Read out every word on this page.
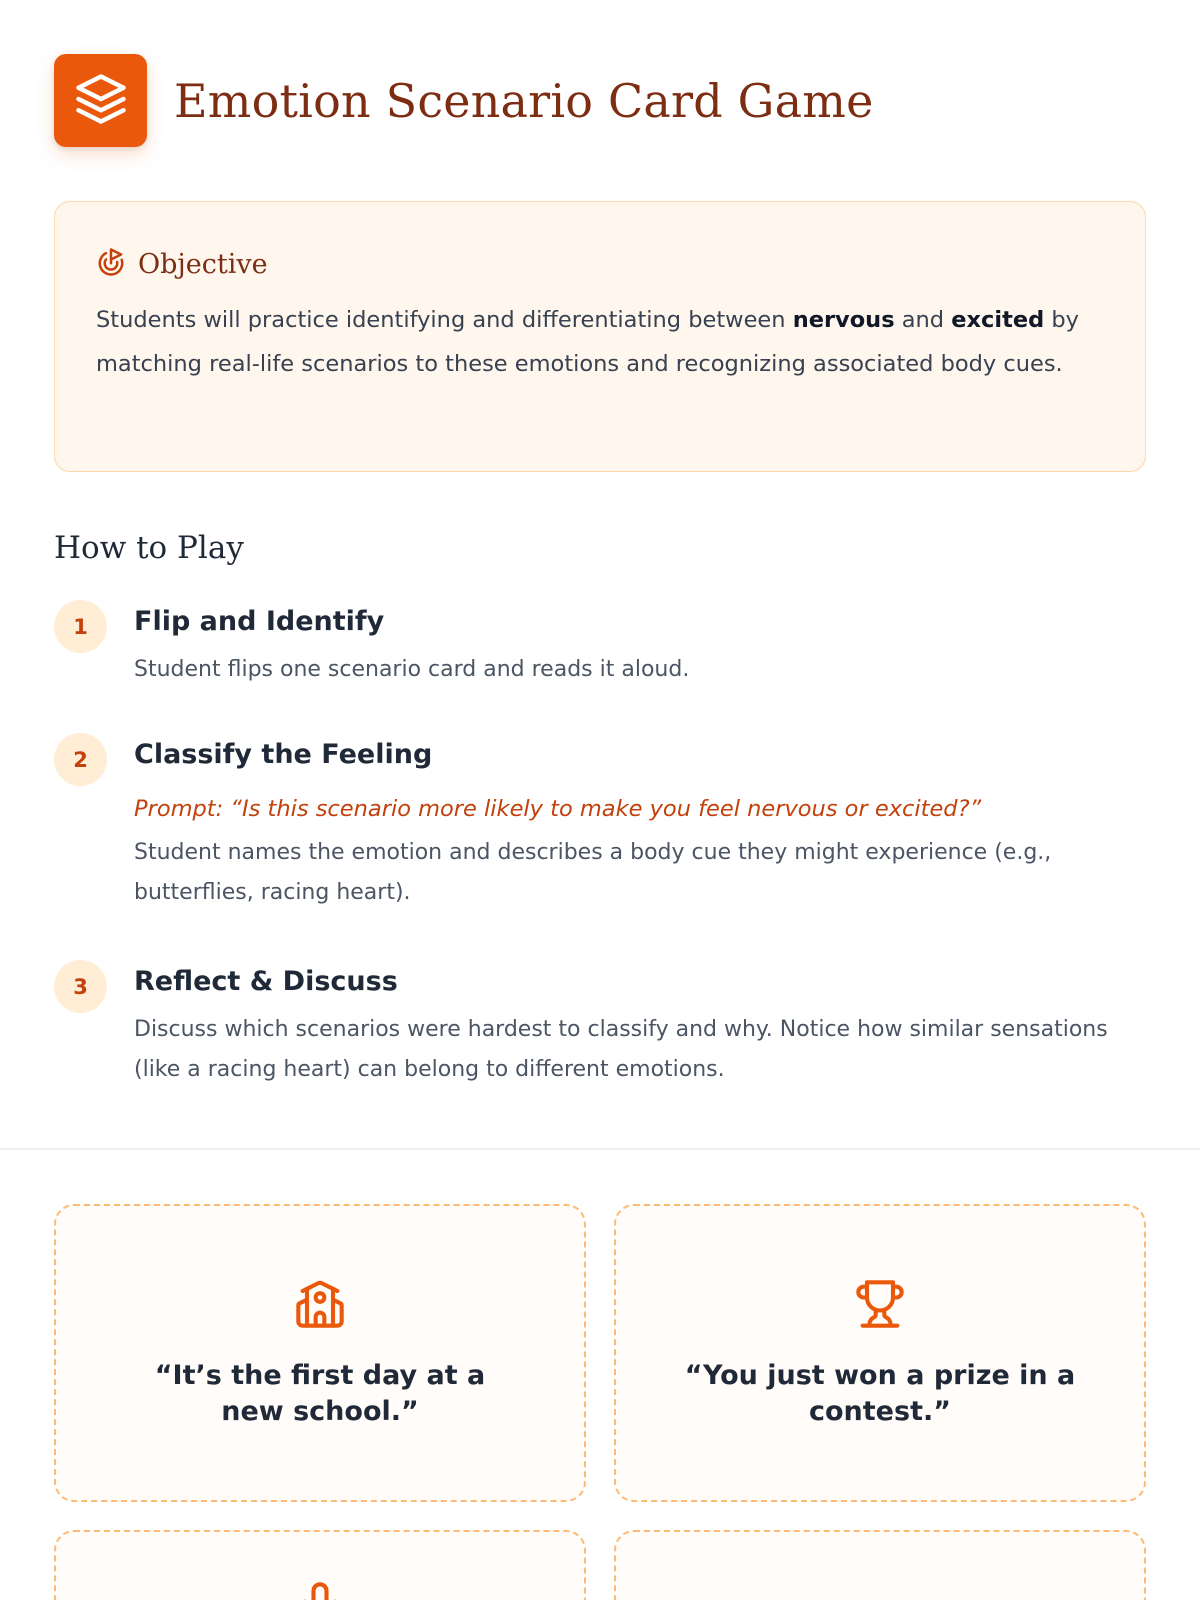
Emotion Scenario Card Game
Objective
Students will practice identifying and differentiating between nervous and excited by matching real-life scenarios to these emotions and recognizing associated body cues.
How to Play
1	Flip and Identify
Student flips one scenario card and reads it aloud.
2	Classify the Feeling
Prompt: “Is this scenario more likely to make you feel nervous or excited?”
Student names the emotion and describes a body cue they might experience (e.g., butterflies, racing heart).
3	Reflect & Discuss
Discuss which scenarios were hardest to classify and why. Notice how similar sensations (like a racing heart) can belong to different emotions.
“It’s the first day at a new school.”
“You just won a prize in a contest.”
